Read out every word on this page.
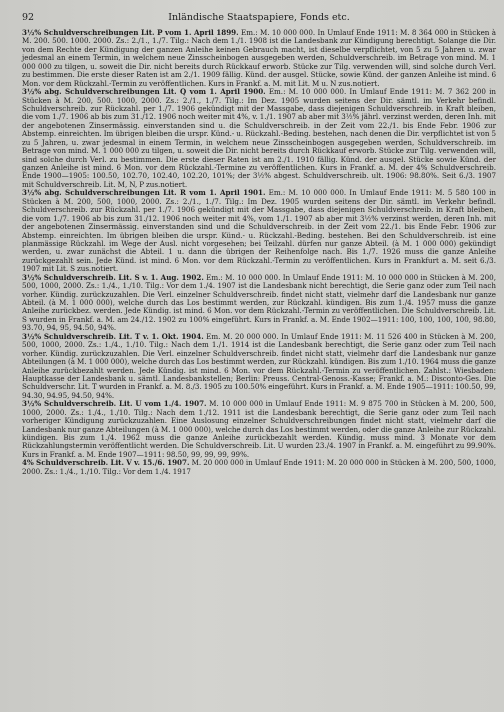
92	Inländische Staatspapiere, Fonds etc.

3½% Schuldverschreibungen Lit. P vom 1. April 1899. Em.: M. 10 000 000. In Umlauf Ende 1911: M. 8 364 000 in Stücken à M. 200. 500. 1000. 2000. Zs.: 2./1., 1./7. Tilg.: Nach dem 1./1. 1908 ist die Landesbank zur Kündigung berechtigt. Solange die Dir. von dem Rechte der Kündigung der ganzen Anleihe keinen Gebrauch macht, ist dieselbe verpflichtet, von 5 zu 5 Jahren u. zwar jedesmal an einem Termin, in welchem neue Zinsscheinbogen ausgegeben werden, Schuldverschreib. im Betrage von mind. M. 1 000 000 zu tilgen, u. soweit die Dir. nicht bereits durch Rückkauf erworb. Stücke zur Tilg. verwenden will, sind solche durch Verl. zu bestimmen. Die erste dieser Raten ist am 2./1. 1909 fällig. Künd. der ausgel. Stücke, sowie Künd. der ganzen Anleihe ist mind. 6 Mon. vor dem Rückzahl.-Termin zu veröffentlichen. Kurs in Frankf. a. M. mit Lit. M u. N zus.notiert.

3½% abg. Schuldverschreibungen Lit. Q vom 1. April 1900. Em.: M. 10 000 000. In Umlauf Ende 1911: M. 7 362 200 in Stücken à M. 200, 500. 1000, 2000. Zs.: 2./1., 1./7. Tilg.: Im Dez. 1905 wurden seitens der Dir. sämtl. im Verkehr befindl. Schuldverschreib. zur Rückzahl. per 1./7. 1906 gekündigt mit der Massgabe, dass diejenigen Schuldverschreib. in Kraft bleiben, die vom 1./7. 1906 ab bis zum 31./12. 1906 noch weiter mit 4%, v. 1./1. 1907 ab aber mit 3½% jährl. verzinst werden, deren Inh. mit der angebotenen Zinsermässig. einverstanden sind u. die Schuldverschreib. in der Zeit vom 22./1. bis Ende Febr. 1906 zur Abstemp. einreichten. Im übrigen bleiben die urspr. Künd.- u. Rückzahl.-Beding. bestehen, nach denen die Dir. verpflichtet ist von 5 zu 5 Jahren, u. zwar jedesmal in einem Termin, in welchem neue Zinsscheinbogen ausgegeben werden, Schuldverschreib. im Betrage von mind. M. 1 000 000 zu tilgen, u. soweit die Dir. nicht bereits durch Rückkauf erworb. Stücke zur Tilg. verwenden will, sind solche durch Verl. zu bestimmen. Die erste dieser Raten ist am 2./1. 1910 fällig. Künd. der ausgel. Stücke sowie Künd. der ganzen Anleihe ist mind. 6 Mon. vor dem Rückzahl.-Termine zu veröffentlichen. Kurs in Frankf. a. M. der 4% Schuldverschreib. Ende 1900—1905: 100.50, 102.70, 102.40, 102.20, 101%; der 3½% abgest. Schuldverschreib. ult. 1906: 98.80%. Seit 6./3. 1907 mit Schuldverschreib. Lit. M, N, P zus.notiert.

3½% abg. Schuldverschreibungen Lit. R vom 1. April 1901. Em.: M. 10 000 000. In Umlauf Ende 1911: M. 5 580 100 in Stücken à M. 200, 500, 1000, 2000. Zs.: 2./1., 1./7. Tilg.: Im Dez. 1905 wurden seitens der Dir. sämtl. im Verkehr befindl. Schuldverschreib. zur Rückzahl. per 1./7. 1906 gekündigt mit der Massgabe, dass diejenigen Schuldverschreib. in Kraft bleiben, die vom 1./7. 1906 ab bis zum 31./12. 1906 noch weiter mit 4%, vom 1./1. 1907 ab aber mit 3½% verzinst werden, deren Inh. mit der angebotenen Zinsermässig. einverstanden sind und die Schuldverschreib. in der Zeit vom 22./1. bis Ende Febr. 1906 zur Abstemp. einreichten. Im übrigen bleiben die urspr. Künd.- u. Rückzahl.-Beding. bestehen. Bei den Schuldverschreib. ist eine planmässige Rückzahl. im Wege der Ausl. nicht vorgesehen; bei Teilzahl. dürfen nur ganze Abteil. (à M. 1 000 000) gekündigt werden, u. zwar zunächst die Abteil. 1 u. dann die übrigen der Reihenfolge nach. Bis 1./7. 1926 muss die ganze Anleihe zurückgezahlt sein. Jede Künd. ist mind. 6 Mon. vor dem Rückzahl.-Termin zu veröffentlichen. Kurs in Frankfurt a. M. seit 6./3. 1907 mit Lit. S zus.notiert.

3½% Schuldverschreib. Lit. S v. 1. Aug. 1902. Em.: M. 10 000 000. In Umlauf Ende 1911: M. 10 000 000 in Stücken à M. 200, 500, 1000, 2000. Zs.: 1./4., 1./10. Tilg.: Vor dem 1./4. 1907 ist die Landesbank nicht berechtigt, die Serie ganz oder zum Teil nach vorher. Kündig. zurückzuzahlen. Die Verl. einzelner Schuldverschreib. findet nicht statt, vielmehr darf die Landesbank nur ganze Abteil. (à M. 1 000 000), welche durch das Los bestimmt werden, zur Rückzahl. kündigen. Bis zum 1./4. 1957 muss die ganze Anleihe zurückbez. werden. Jede Kündig. ist mind. 6 Mon. vor dem Rückzahl.-Termin zu veröffentlichen. Die Schuldverschreib. Lit. S wurden in Frankf. a. M. am 24./12. 1902 zu 100% eingeführt. Kurs in Frankf. a. M. Ende 1902—1911: 100, 100, 100, 100, 98.80, 93.70, 94, 95, 94.50, 94%.

3½% Schuldverschreib. Lit. T v. 1. Okt. 1904. Em. M. 20 000 000. In Umlauf Ende 1911: M. 11 526 400 in Stücken à M. 200, 500, 1000, 2000. Zs.: 1./4., 1./10. Tilg.: Nach dem 1./1. 1914 ist die Landesbank berechtigt, die Serie ganz oder zum Teil nach vorher. Kündig. zurückzuzahlen. Die Verl. einzelner Schuldverschreib. findet nicht statt, vielmehr darf die Landesbank nur ganze Abteilungen (à M. 1 000 000), welche durch das Los bestimmt werden, zur Rückzahl. kündigen. Bis zum 1./10. 1964 muss die ganze Anleihe zurückbezahlt werden. Jede Kündig. ist mind. 6 Mon. vor dem Rückzahl.-Termin zu veröffentlichen. Zahlst.: Wiesbaden: Hauptkasse der Landesbank u. sämtl. Landesbankstellen; Berlin: Preuss. Central-Genoss.-Kasse; Frankf. a. M.: Disconto-Ges. Die Schuldverschr. Lit. T wurden in Frankf. a. M. 8./3. 1905 zu 100.50% eingeführt. Kurs in Frankf. a. M. Ende 1905—1911: 100.50, 99, 94.30, 94.95, 94.50, 94%.

3½% Schuldverschreib. Lit. U vom 1./4. 1907. M. 10 000 000 in Umlauf Ende 1911: M. 9 875 700 in Stücken à M. 200, 500, 1000, 2000. Zs.: 1./4., 1./10. Tilg.: Nach dem 1./12. 1911 ist die Landesbank berechtigt, die Serie ganz oder zum Teil nach vorheriger Kündigung zurückzuzahlen. Eine Auslosung einzelner Schuldverschreibungen findet nicht statt, vielmehr darf die Landesbank nur ganze Abteilungen (à M. 1 000 000), welche durch das Los bestimmt werden, oder die ganze Anleihe zur Rückzahl. kündigen. Bis zum 1./4. 1962 muss die ganze Anleihe zurückbezahlt werden. Kündig. muss mind. 3 Monate vor dem Rückzahlungstermin veröffentlicht werden. Die Schuldverschreib. Lit. U wurden 23./4. 1907 in Frankf. a. M. eingeführt zu 99.90%. Kurs in Frankf. a. M. Ende 1907—1911: 98.50, 99, 99, 99, 99%.

4% Schuldverschreib. Lit. V v. 15./6. 1907. M. 20 000 000 in Umlauf Ende 1911: M. 20 000 000 in Stücken à M. 200, 500, 1000, 2000. Zs.: 1./4., 1./10. Tilg.: Vor dem 1./4. 1917
